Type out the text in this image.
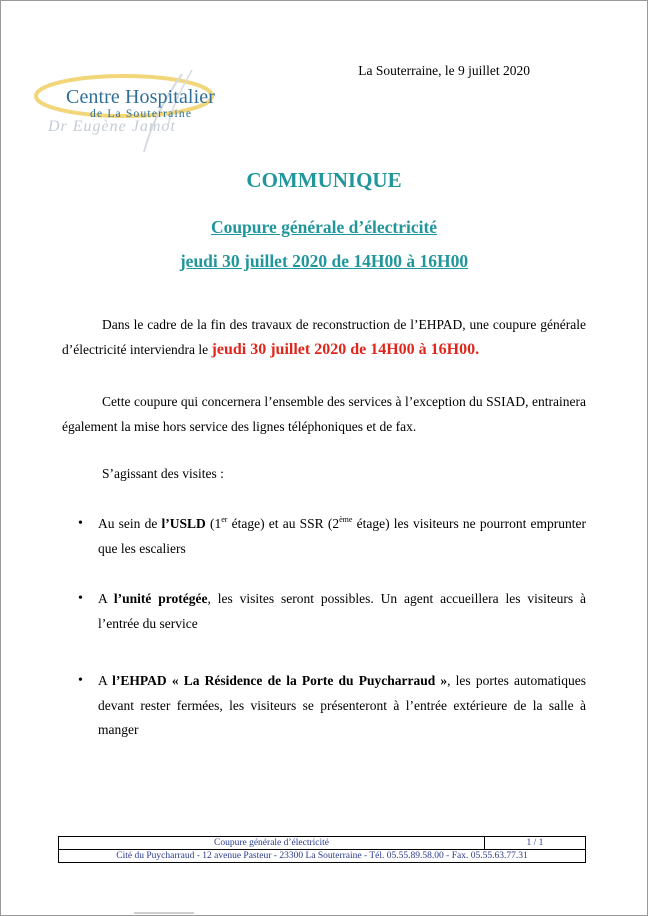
Centre Hospitalier
de La Souterraine
Dr Eugène Jamot
La Souterraine, le 9 juillet 2020
COMMUNIQUE
Coupure générale d’électricité
jeudi 30 juillet 2020 de 14H00 à 16H00
Dans le cadre de la fin des travaux de reconstruction de l’EHPAD, une coupure générale d’électricité interviendra le jeudi 30 juillet 2020 de 14H00 à 16H00.
Cette coupure qui concernera l’ensemble des services à l’exception du SSIAD, entrainera également la mise hors service des lignes téléphoniques et de fax.
S’agissant des visites :
• Au sein de l’USLD (1er étage) et au SSR (2ème étage) les visiteurs ne pourront emprunter que les escaliers
• A l’unité protégée, les visites seront possibles. Un agent accueillera les visiteurs à l’entrée du service
• A l’EHPAD « La Résidence de la Porte du Puycharraud », les portes automatiques devant rester fermées, les visiteurs se présenteront à l’entrée extérieure de la salle à manger
Coupure générale d’électricité	1 / 1
Cité du Puycharraud - 12 avenue Pasteur - 23300 La Souterraine - Tél. 05.55.89.58.00 - Fax. 05.55.63.77.31
